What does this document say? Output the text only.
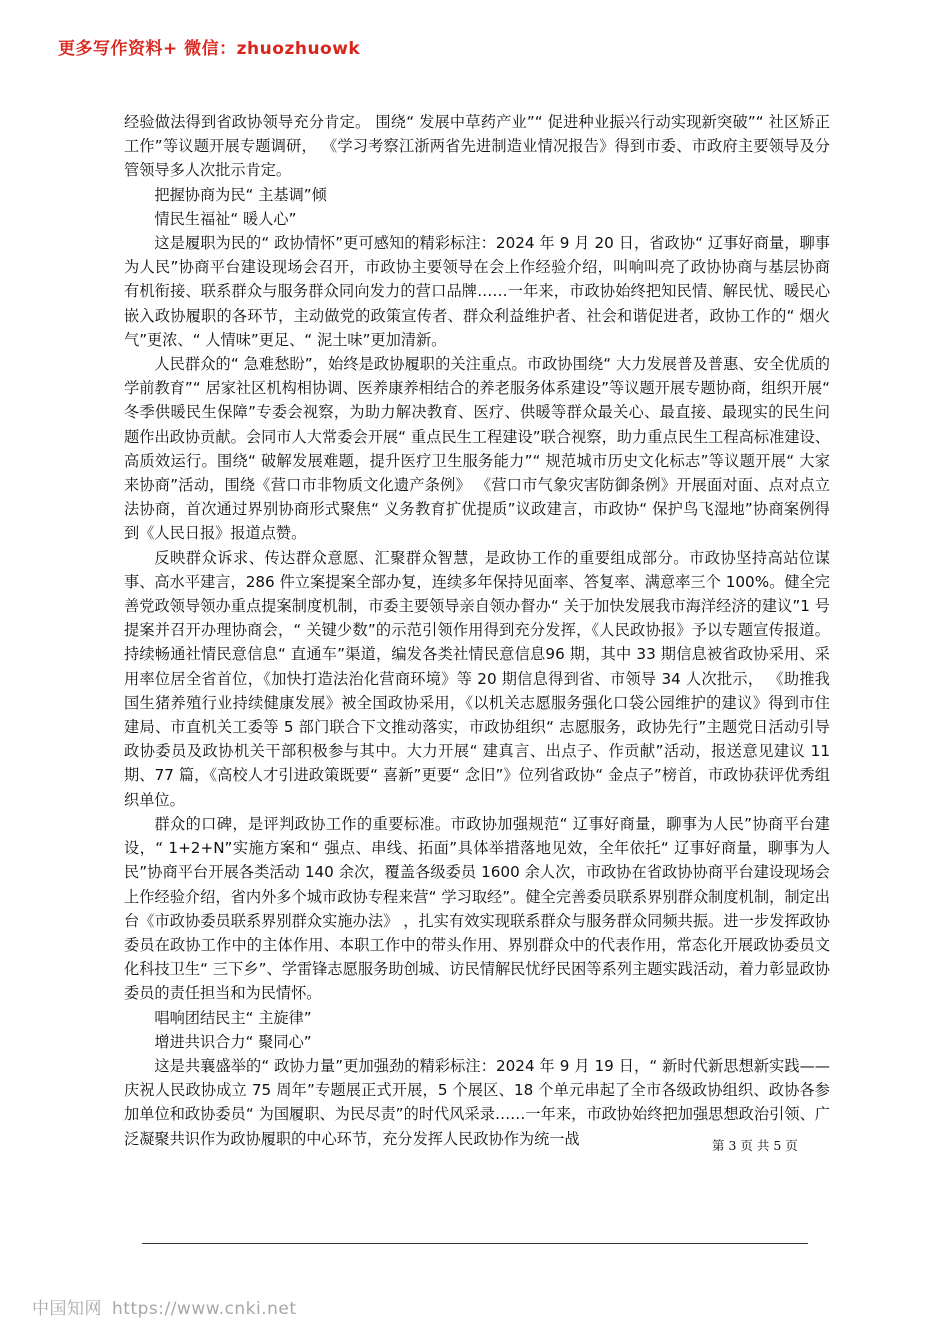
更多写作资料+ 微信：zhuozhuowk

经验做法得到省政协领导充分肯定。 围绕“ 发展中草药产业”“ 促进种业振兴行动实现新突破”“ 社区矫正工作”等议题开展专题调研， 《学习考察江浙两省先进制造业情况报告》得到市委、市政府主要领导及分管领导多人次批示肯定。

把握协商为民“ 主基调”倾

情民生福祉“ 暖人心”

这是履职为民的“ 政协情怀”更可感知的精彩标注：2024 年 9 月 20 日，省政协“ 辽事好商量，聊事为人民”协商平台建设现场会召开，市政协主要领导在会上作经验介绍，叫响叫亮了政协协商与基层协商有机衔接、联系群众与服务群众同向发力的营口品牌……一年来，市政协始终把知民情、解民忧、暖民心嵌入政协履职的各环节，主动做党的政策宣传者、群众利益维护者、社会和谐促进者，政协工作的“ 烟火气”更浓、“ 人情味”更足、“ 泥土味”更加清新。

人民群众的“ 急难愁盼”，始终是政协履职的关注重点。市政协围绕“ 大力发展普及普惠、安全优质的学前教育”“ 居家社区机构相协调、医养康养相结合的养老服务体系建设”等议题开展专题协商，组织开展“ 冬季供暖民生保障”专委会视察，为助力解决教育、医疗、供暖等群众最关心、最直接、最现实的民生问题作出政协贡献。会同市人大常委会开展“ 重点民生工程建设”联合视察，助力重点民生工程高标准建设、高质效运行。围绕“ 破解发展难题，提升医疗卫生服务能力”“ 规范城市历史文化标志”等议题开展“ 大家来协商”活动，围绕《营口市非物质文化遗产条例》 《营口市气象灾害防御条例》开展面对面、点对点立法协商，首次通过界别协商形式聚焦“ 义务教育扩优提质”议政建言，市政协“ 保护鸟飞湿地”协商案例得到《人民日报》报道点赞。

反映群众诉求、传达群众意愿、汇聚群众智慧，是政协工作的重要组成部分。市政协坚持高站位谋事、高水平建言，286 件立案提案全部办复，连续多年保持见面率、答复率、满意率三个 100%。健全完善党政领导领办重点提案制度机制，市委主要领导亲自领办督办“ 关于加快发展我市海洋经济的建议”1 号提案并召开办理协商会，“ 关键少数”的示范引领作用得到充分发挥，《人民政协报》予以专题宣传报道。持续畅通社情民意信息“ 直通车”渠道，编发各类社情民意信息96 期，其中 33 期信息被省政协采用、采用率位居全省首位，《加快打造法治化营商环境》等 20 期信息得到省、市领导 34 人次批示， 《助推我国生猪养殖行业持续健康发展》被全国政协采用，《以机关志愿服务强化口袋公园维护的建议》得到市住建局、市直机关工委等 5 部门联合下文推动落实，市政协组织“ 志愿服务，政协先行”主题党日活动引导政协委员及政协机关干部积极参与其中。大力开展“ 建真言、出点子、作贡献”活动，报送意见建议 11 期、77 篇，《高校人才引进政策既要“ 喜新”更要“ 念旧”》位列省政协“ 金点子”榜首，市政协获评优秀组织单位。

群众的口碑，是评判政协工作的重要标准。市政协加强规范“ 辽事好商量，聊事为人民”协商平台建设，“ 1+2+N”实施方案和“ 强点、串线、拓面”具体举措落地见效，全年依托“ 辽事好商量，聊事为人民”协商平台开展各类活动 140 余次，覆盖各级委员 1600 余人次，市政协在省政协协商平台建设现场会上作经验介绍，省内外多个城市政协专程来营“ 学习取经”。健全完善委员联系界别群众制度机制，制定出台《市政协委员联系界别群众实施办法》 ，扎实有效实现联系群众与服务群众同频共振。进一步发挥政协委员在政协工作中的主体作用、本职工作中的带头作用、界别群众中的代表作用，常态化开展政协委员文化科技卫生“ 三下乡”、学雷锋志愿服务助创城、访民情解民忧纾民困等系列主题实践活动，着力彰显政协委员的责任担当和为民情怀。

唱响团结民主“ 主旋律”

增进共识合力“ 聚同心”

这是共襄盛举的“ 政协力量”更加强劲的精彩标注：2024 年 9 月 19 日，“ 新时代新思想新实践——庆祝人民政协成立 75 周年”专题展正式开展，5 个展区、18 个单元串起了全市各级政协组织、政协各参加单位和政协委员“ 为国履职、为民尽责”的时代风采录……一年来，市政协始终把加强思想政治引领、广泛凝聚共识作为政协履职的中心环节，充分发挥人民政协作为统一战	第 3 页 共 5 页
中国知网 https://www.cnki.net
